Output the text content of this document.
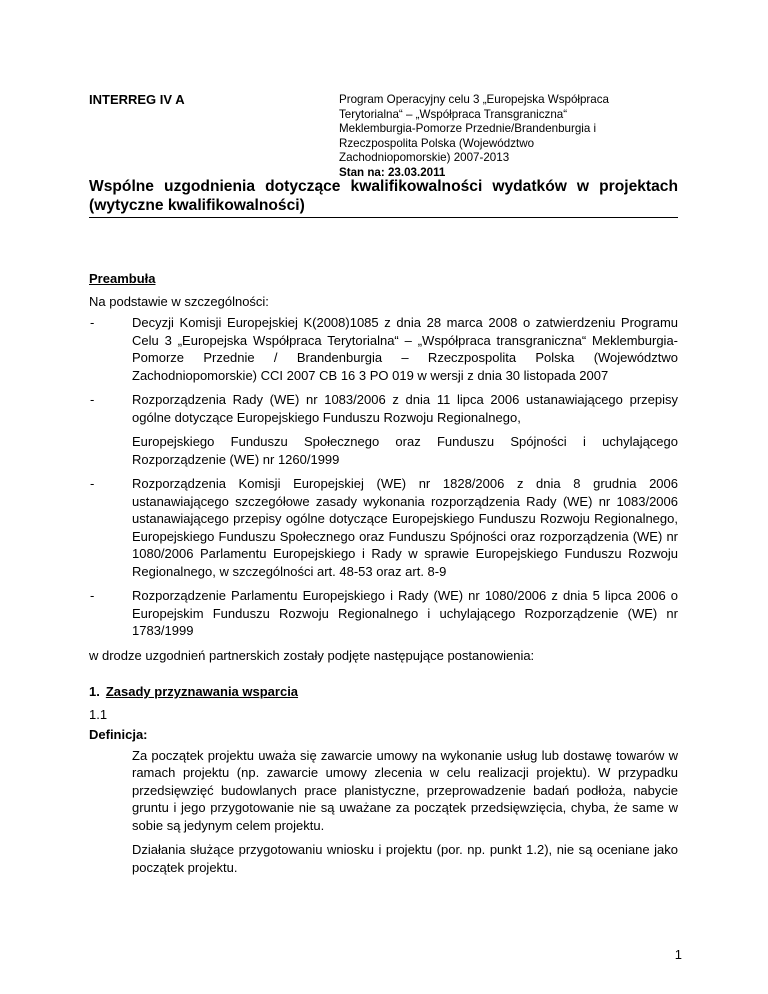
INTERREG IV A	Program Operacyjny celu 3 „Europejska Współpraca
Terytorialna“ – „Współpraca Transgraniczna“
Meklemburgia-Pomorze Przednie/Brandenburgia i
Rzeczpospolita Polska (Województwo
Zachodniopomorskie) 2007-2013
Stan na: 23.03.2011
Wspólne uzgodnienia dotyczące kwalifikowalności wydatków w projektach (wytyczne kwalifikowalności)
Preambuła
Na podstawie w szczególności:
- Decyzji Komisji Europejskiej K(2008)1085 z dnia 28 marca 2008 o zatwierdzeniu Programu Celu 3 „Europejska Współpraca Terytorialna“ – „Współpraca transgraniczna“ Meklemburgia-Pomorze Przednie / Brandenburgia – Rzeczpospolita Polska (Województwo Zachodniopomorskie) CCI 2007 CB 16 3 PO 019 w wersji z dnia 30 listopada 2007
- Rozporządzenia Rady (WE) nr 1083/2006 z dnia 11 lipca 2006 ustanawiającego przepisy ogólne dotyczące Europejskiego Funduszu Rozwoju Regionalnego,
Europejskiego Funduszu Społecznego oraz Funduszu Spójności i uchylającego Rozporządzenie (WE) nr 1260/1999
- Rozporządzenia Komisji Europejskiej (WE) nr 1828/2006 z dnia 8 grudnia 2006 ustanawiającego szczegółowe zasady wykonania rozporządzenia Rady (WE) nr 1083/2006 ustanawiającego przepisy ogólne dotyczące Europejskiego Funduszu Rozwoju Regionalnego, Europejskiego Funduszu Społecznego oraz Funduszu Spójności oraz rozporządzenia (WE) nr 1080/2006 Parlamentu Europejskiego i Rady w sprawie Europejskiego Funduszu Rozwoju Regionalnego, w szczególności art. 48-53 oraz art. 8-9
- Rozporządzenie Parlamentu Europejskiego i Rady (WE) nr 1080/2006 z dnia 5 lipca 2006 o Europejskim Funduszu Rozwoju Regionalnego i uchylającego Rozporządzenie (WE) nr 1783/1999
w drodze uzgodnień partnerskich zostały podjęte następujące postanowienia:
1. Zasady przyznawania wsparcia
1.1
Definicja:
Za początek projektu uważa się zawarcie umowy na wykonanie usług lub dostawę towarów w ramach projektu (np. zawarcie umowy zlecenia w celu realizacji projektu). W przypadku przedsięwzięć budowlanych prace planistyczne, przeprowadzenie badań podłoża, nabycie gruntu i jego przygotowanie nie są uważane za początek przedsięwzięcia, chyba, że same w sobie są jedynym celem projektu.
Działania służące przygotowaniu wniosku i projektu (por. np. punkt 1.2), nie są oceniane jako początek projektu.
1
